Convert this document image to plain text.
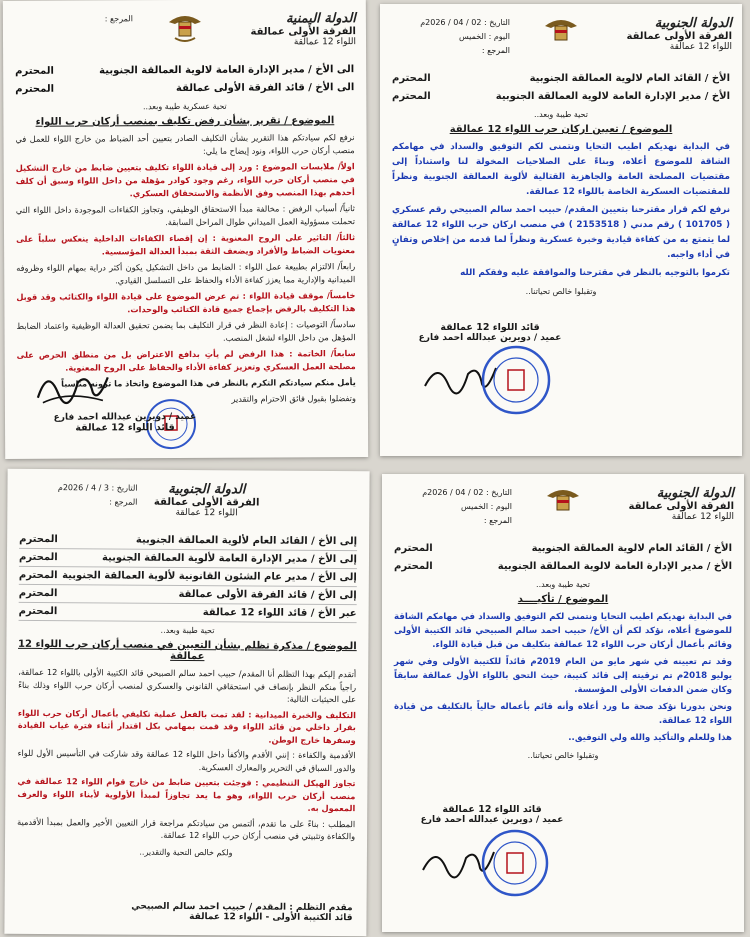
الدولة اليمنية
الفرقة الأولى عمالقة
اللواء 12 عمالقة
المرجع :
الى الأخ / مدير الإدارة العامة لالوية العمالقة الجنوبية
المحترم
الى الأخ / قائد الفرقة الأولى عمالقة
المحترم
تحية عسكرية طيبة وبعد..
الموضوع / تقرير بشأن رفض تكليف بمنصب أركان حرب اللواء

نرفع لكم سيادتكم هذا التقرير بشأن التكليف الصادر بتعيين أحد الضباط من خارج اللواء للعمل في منصب أركان حرب اللواء، ونود إيضاح ما يلي:

اولاً/ ملابسات الموضوع : ورد إلى قيادة اللواء تكليف بتعيين ضابط من خارج التشكيل في منصب أركان حرب اللواء، رغم وجود كوادر مؤهلة من داخل اللواء وسبق أن كلف أحدهم بهذا المنصب وفق الأنظمة والاستحقاق العسكري.

ثانياً/ أسباب الرفض : مخالفة مبدأ الاستحقاق الوظيفي، وتجاوز الكفاءات الموجودة داخل اللواء التي تحملت مسؤولية العمل الميداني طوال المراحل السابقة.

ثالثاً/ التاثير على الروح المعنوية : إن إقصاء الكفاءات الداخلية ينعكس سلباً على معنويات الضباط والأفراد ويضعف الثقة بمبدأ العدالة المؤسسية.

رابعاً/ الالتزام بطبيعة عمل اللواء : الضابط من داخل التشكيل يكون أكثر دراية بمهام اللواء وظروفه الميدانية والإدارية مما يعزز كفاءة الأداء والحفاظ على التسلسل القيادي.

خامساً/ موقف قيادة اللواء : تم عرض الموضوع على قيادة اللواء والكتائب وقد قوبل هذا التكليف بالرفض بإجماع جميع قادة الكتائب والوحدات.

سادساً/ التوصيات : إعادة النظر في قرار التكليف بما يضمن تحقيق العدالة الوظيفية واعتماد الضابط المؤهل من داخل اللواء لشغل المنصب.

سابعاً/ الخاتمة : هذا الرفض لم يأتِ بدافع الاعتراض بل من منطلق الحرص على مصلحة العمل العسكري وتعزيز كفاءة الأداء والحفاظ على الروح المعنوية.

يأمل منكم سيادتكم التكرم بالنظر في هذا الموضوع واتخاذ ما ترونه مناسباً

وتفضلوا بقبول فائق الاحترام والتقدير

عميد / دويرين عبدالله احمد فارع
قائد اللواء 12 عمالقة
الدولة الجنوبية
الفرقة الأولى عمالقة
اللواء 12 عمالقة
التاريخ : 02 / 04 / 2026م
اليوم : الخميس
المرجع :
الأخ / القائد العام لالوية العمالقة الجنوبية
المحترم
الأخ / مدير الإدارة العامة لالوية العمالقة الجنوبية
المحترم
تحية طيبة وبعد..
الموضوع / تعيين اركان حرب اللواء 12 عمالقة

في البداية نهديكم اطيب التحايا ونتمنى لكم التوفيق والسداد في مهامكم الشاقة للموضوع أعلاه، وبناءً على الصلاحيات المخولة لنا واستناداً إلى مقتضيات المصلحة العامة والجاهزية القتالية لألوية العمالقة الجنوبية ونظراً للمقتضيات العسكرية الخاصة باللواء 12 عمالقة.

نرفع لكم قرار مقترحنا بتعيين المقدم/ حبيب احمد سالم الصبيحي رقم عسكري ( 101705 ) رقم مدني ( 2153518 ) في منصب اركان حرب اللواء 12 عمالقة لما يتمتع به من كفاءة قيادية وخبرة عسكرية ونظراً لما قدمه من إخلاص وتفانٍ في أداء واجبه.

تكرموا بالتوجيه بالنظر في مقترحنا والموافقة عليه وفقكم الله

وتقبلوا خالص تحياتنا..
قائد اللواء 12 عمالقة
عميد / دويرين عبدالله احمد فارع
الدولة الجنوبية
الفرقة الأولى عمالقة
اللواء 12 عمالقة
التاريخ : 3 / 4 / 2026م
المرجع :
إلى الأخ / القائد العام لألوية العمالقة الجنوبية
المحترم
إلى الأخ / مدير الإدارة العامة لألوية العمالقة الجنوبية
المحترم
إلى الأخ / مدير عام الشئون القانونية لألوية العمالقة الجنوبية
المحترم
إلى الأخ / قائد الفرقة الأولى عمالقة
المحترم
عبر الأخ / قائد اللواء 12 عمالقة
المحترم
تحية طيبة وبعد..
الموضوع / مذكرة تظلم بشأن التعيين في منصب أركان حرب اللواء 12 عمالقة

أتقدم إليكم بهذا التظلم أنا المقدم/ حبيب احمد سالم الصبيحي قائد الكتيبة الأولى باللواء 12 عمالقة، راجياً منكم النظر بإنصاف في استحقاقي القانوني والعسكري لمنصب أركان حرب اللواء وذلك بناءً على الحيثيات التالية:

التكليف والخبرة الميدانية : لقد تمت بالفعل عملية تكليفي بأعمال أركان حرب اللواء بقرار داخلي من قائد اللواء وقد قمت بمهامي بكل اقتدار أثناء فترة غياب القيادة وسفرها خارج الوطن.

الأقدمية والكفاءة : إنني الأقدم والأكفأ داخل اللواء 12 عمالقة وقد شاركت في التأسيس الأول للواء والدور السباق في التحرير والمعارك العسكرية.

تجاوز الهيكل التنظيمي : فوجئت بتعيين ضابط من خارج قوام اللواء 12 عمالقة في منصب أركان حرب اللواء، وهو ما يعد تجاوزاً لمبدأ الأولوية لأبناء اللواء والعرف المعمول به.

المطلب : بناءً على ما تقدم، ألتمس من سيادتكم مراجعة قرار التعيين الأخير والعمل بمبدأ الأقدمية والكفاءة وتثبيتي في منصب أركان حرب اللواء 12 عمالقة.

ولكم خالص التحية والتقدير..
مقدم التظلم : المقدم / حبيب احمد سالم الصبيحي
قائد الكتيبة الأولى - اللواء 12 عمالقة
الدولة الجنوبية
الفرقة الأولى عمالقة
اللواء 12 عمالقة
التاريخ : 02 / 04 / 2026م
اليوم : الخميس
المرجع :
الأخ / القائد العام لالوية العمالقة الجنوبية
المحترم
الأخ / مدير الإدارة العامة لالوية العمالقة الجنوبية
المحترم
تحية طيبة وبعد..
الموضوع / تأكيــــد

في البداية نهديكم اطيب التحايا ونتمنى لكم التوفيق والسداد في مهامكم الشاقة للموضوع أعلاه، نؤكد لكم أن الأخ/ حبيب احمد سالم الصبيحي قائد الكتيبة الأولى وقائم بأعمال أركان حرب اللواء 12 عمالقة بتكليف من قبل قيادة اللواء.

وقد تم تعيينه في شهر مايو من العام 2019م قائداً للكتيبة الأولى وفي شهر يوليو 2018م تم ترقيته إلى قائد كتيبة، حيث التحق باللواء الأول عمالقة سابقاً وكان ضمن الدفعات الأولى المؤسسة.

ونحن بدورنا نؤكد صحة ما ورد أعلاه وأنه قائم بأعماله حالياً بالتكليف من قيادة اللواء 12 عمالقة.

هذا وللعلم والتأكيد والله ولي التوفيق..

وتقبلوا خالص تحياتنا..
قائد اللواء 12 عمالقة
عميد / دويرين عبدالله احمد فارع
